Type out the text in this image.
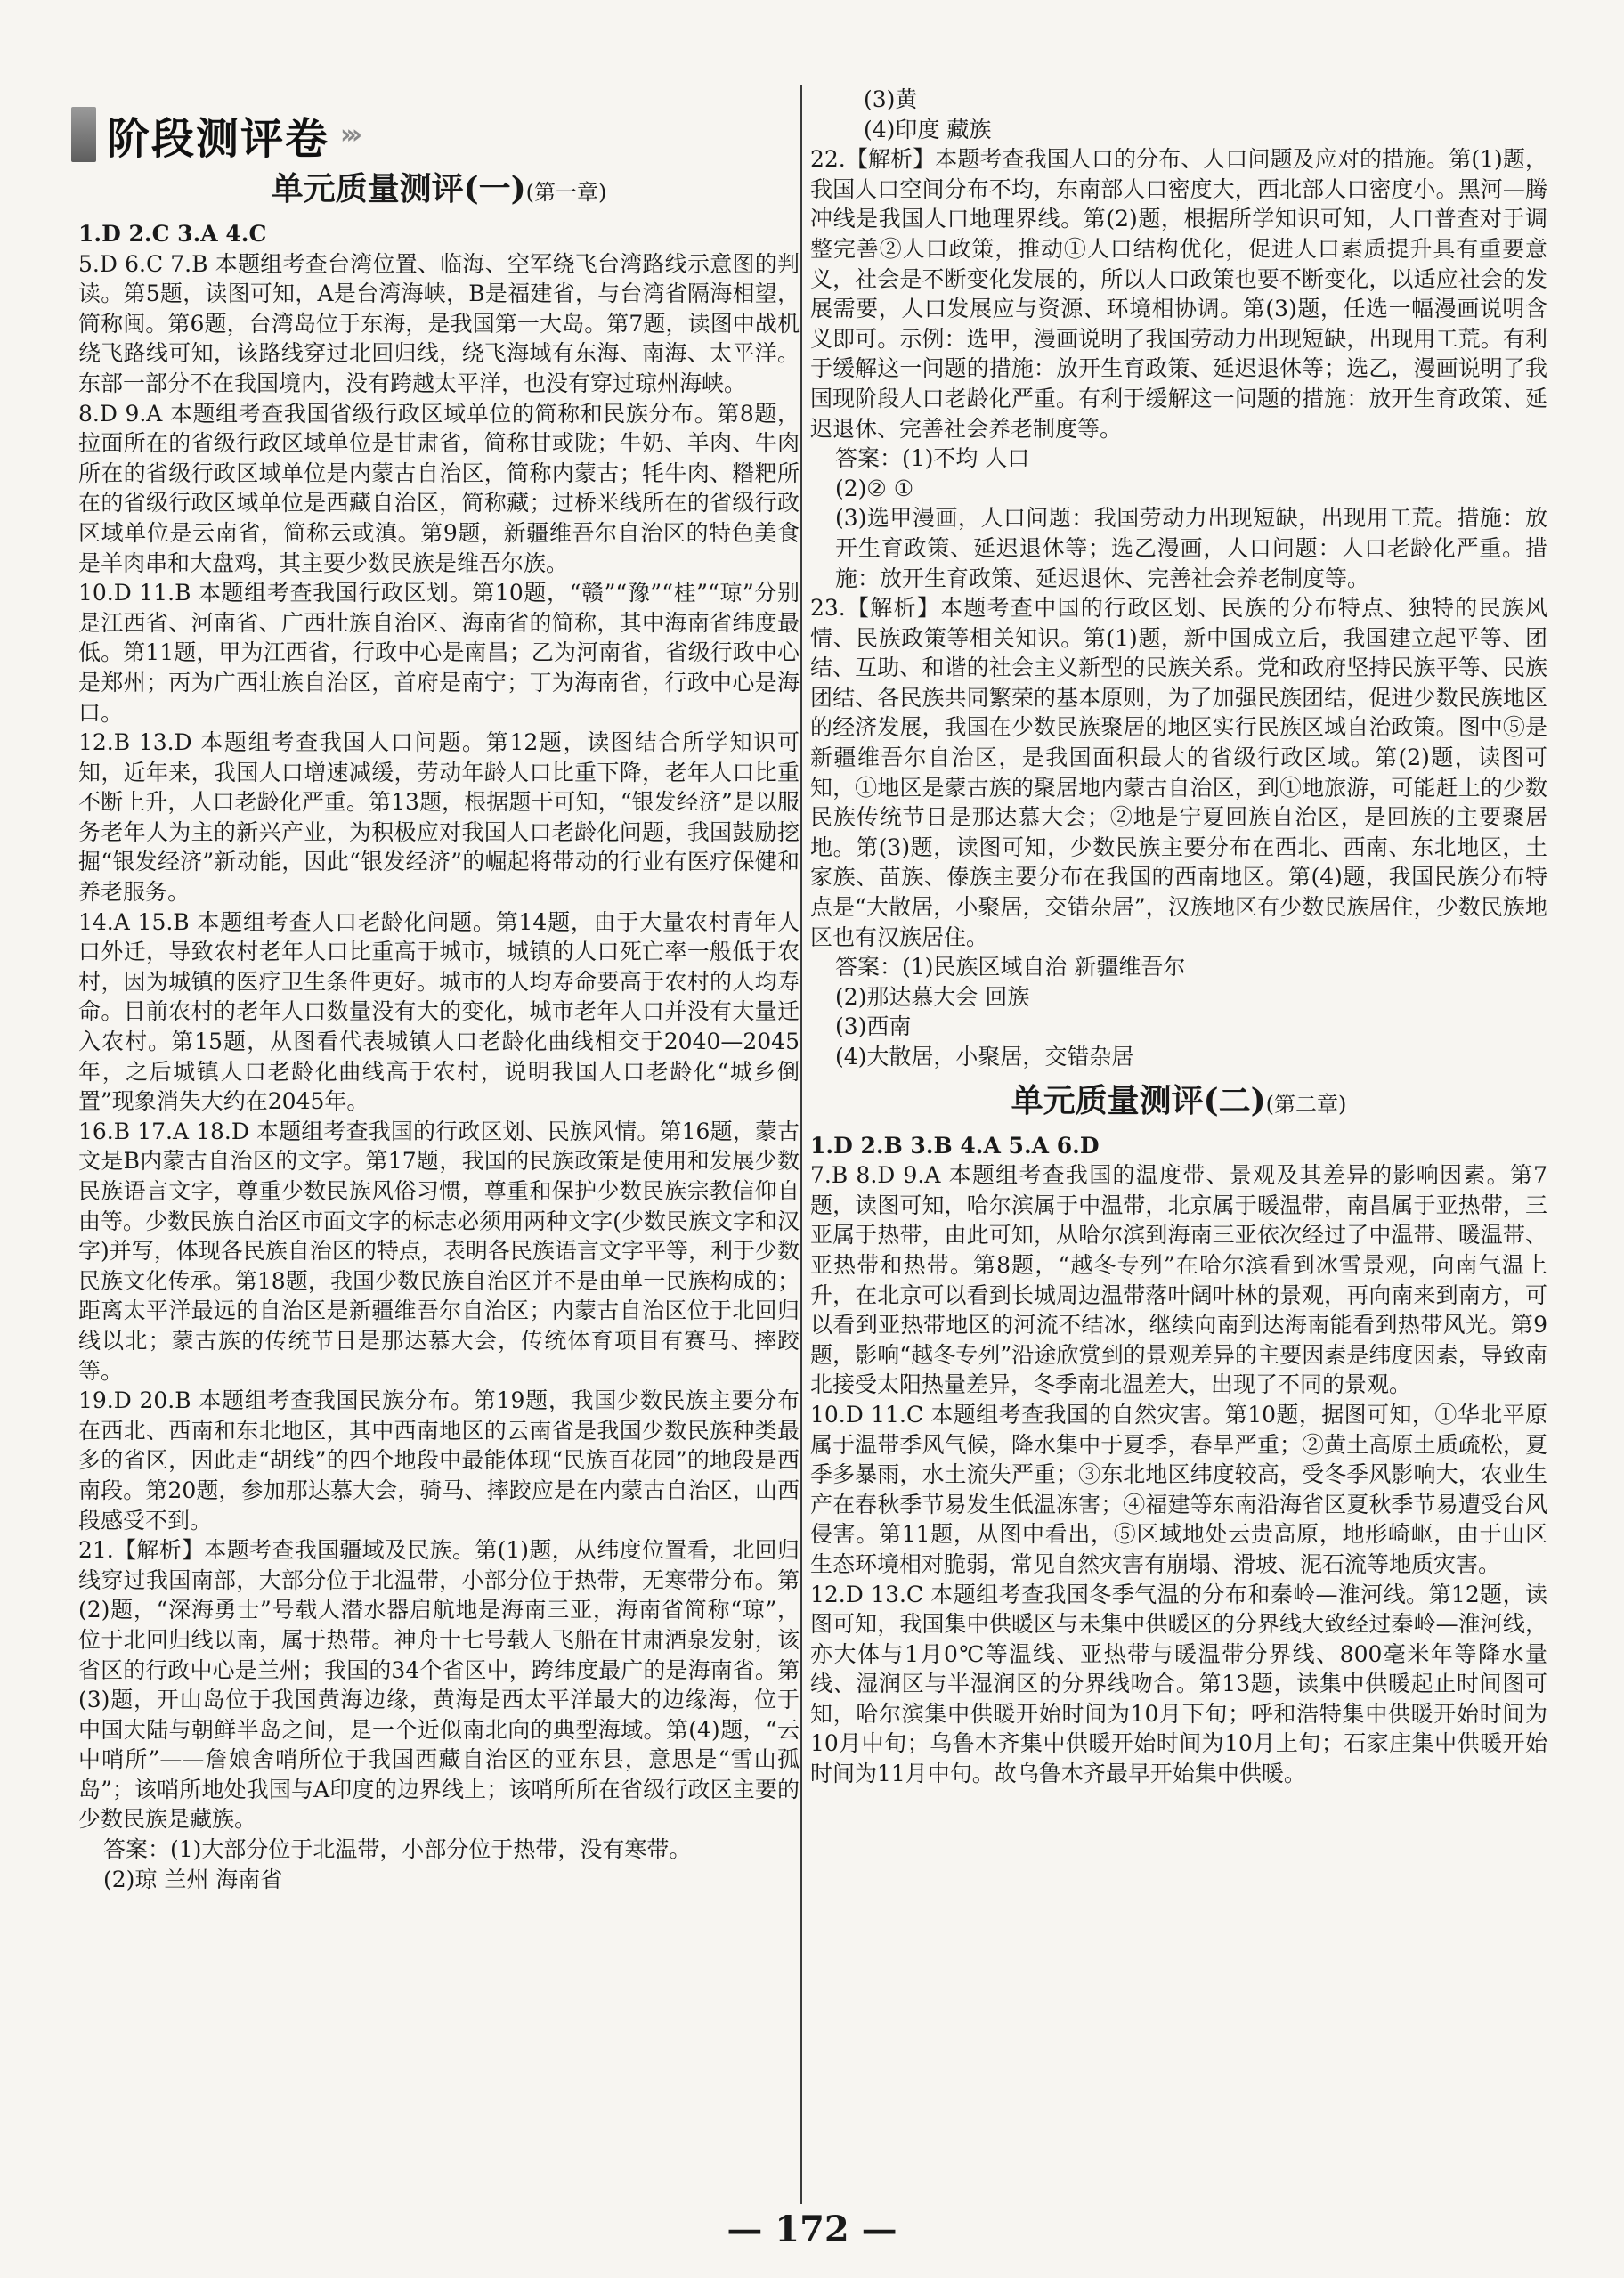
阶段测评卷 ›››
单元质量测评(一)(第一章)

1.D 2.C 3.A 4.C

5.D 6.C 7.B 本题组考查台湾位置、临海、空军绕飞台湾路线示意图的判读。第5题，读图可知，A是台湾海峡，B是福建省，与台湾省隔海相望，简称闽。第6题，台湾岛位于东海，是我国第一大岛。第7题，读图中战机绕飞路线可知，该路线穿过北回归线，绕飞海域有东海、南海、太平洋。东部一部分不在我国境内，没有跨越太平洋，也没有穿过琼州海峡。

8.D 9.A 本题组考查我国省级行政区域单位的简称和民族分布。第8题，拉面所在的省级行政区域单位是甘肃省，简称甘或陇；牛奶、羊肉、牛肉所在的省级行政区域单位是内蒙古自治区，简称内蒙古；牦牛肉、糌粑所在的省级行政区域单位是西藏自治区，简称藏；过桥米线所在的省级行政区域单位是云南省，简称云或滇。第9题，新疆维吾尔自治区的特色美食是羊肉串和大盘鸡，其主要少数民族是维吾尔族。

10.D 11.B 本题组考查我国行政区划。第10题，“赣”“豫”“桂”“琼”分别是江西省、河南省、广西壮族自治区、海南省的简称，其中海南省纬度最低。第11题，甲为江西省，行政中心是南昌；乙为河南省，省级行政中心是郑州；丙为广西壮族自治区，首府是南宁；丁为海南省，行政中心是海口。

12.B 13.D 本题组考查我国人口问题。第12题，读图结合所学知识可知，近年来，我国人口增速减缓，劳动年龄人口比重下降，老年人口比重不断上升，人口老龄化严重。第13题，根据题干可知，“银发经济”是以服务老年人为主的新兴产业，为积极应对我国人口老龄化问题，我国鼓励挖掘“银发经济”新动能，因此“银发经济”的崛起将带动的行业有医疗保健和养老服务。

14.A 15.B 本题组考查人口老龄化问题。第14题，由于大量农村青年人口外迁，导致农村老年人口比重高于城市，城镇的人口死亡率一般低于农村，因为城镇的医疗卫生条件更好。城市的人均寿命要高于农村的人均寿命。目前农村的老年人口数量没有大的变化，城市老年人口并没有大量迁入农村。第15题，从图看代表城镇人口老龄化曲线相交于2040—2045年，之后城镇人口老龄化曲线高于农村，说明我国人口老龄化“城乡倒置”现象消失大约在2045年。

16.B 17.A 18.D 本题组考查我国的行政区划、民族风情。第16题，蒙古文是B内蒙古自治区的文字。第17题，我国的民族政策是使用和发展少数民族语言文字，尊重少数民族风俗习惯，尊重和保护少数民族宗教信仰自由等。少数民族自治区市面文字的标志必须用两种文字(少数民族文字和汉字)并写，体现各民族自治区的特点，表明各民族语言文字平等，利于少数民族文化传承。第18题，我国少数民族自治区并不是由单一民族构成的；距离太平洋最远的自治区是新疆维吾尔自治区；内蒙古自治区位于北回归线以北；蒙古族的传统节日是那达慕大会，传统体育项目有赛马、摔跤等。

19.D 20.B 本题组考查我国民族分布。第19题，我国少数民族主要分布在西北、西南和东北地区，其中西南地区的云南省是我国少数民族种类最多的省区，因此走“胡线”的四个地段中最能体现“民族百花园”的地段是西南段。第20题，参加那达慕大会，骑马、摔跤应是在内蒙古自治区，山西段感受不到。

21.【解析】本题考查我国疆域及民族。第(1)题，从纬度位置看，北回归线穿过我国南部，大部分位于北温带，小部分位于热带，无寒带分布。第(2)题，“深海勇士”号载人潜水器启航地是海南三亚，海南省简称“琼”，位于北回归线以南，属于热带。神舟十七号载人飞船在甘肃酒泉发射，该省区的行政中心是兰州；我国的34个省区中，跨纬度最广的是海南省。第(3)题，开山岛位于我国黄海边缘，黄海是西太平洋最大的边缘海，位于中国大陆与朝鲜半岛之间，是一个近似南北向的典型海域。第(4)题，“云中哨所”——詹娘舍哨所位于我国西藏自治区的亚东县，意思是“雪山孤岛”；该哨所地处我国与A印度的边界线上；该哨所所在省级行政区主要的少数民族是藏族。

答案：(1)大部分位于北温带，小部分位于热带，没有寒带。

(2)琼 兰州 海南省

(3)黄

(4)印度 藏族

22.【解析】本题考查我国人口的分布、人口问题及应对的措施。第(1)题，我国人口空间分布不均，东南部人口密度大，西北部人口密度小。黑河—腾冲线是我国人口地理界线。第(2)题，根据所学知识可知，人口普查对于调整完善②人口政策，推动①人口结构优化，促进人口素质提升具有重要意义，社会是不断变化发展的，所以人口政策也要不断变化，以适应社会的发展需要，人口发展应与资源、环境相协调。第(3)题，任选一幅漫画说明含义即可。示例：选甲，漫画说明了我国劳动力出现短缺，出现用工荒。有利于缓解这一问题的措施：放开生育政策、延迟退休等；选乙，漫画说明了我国现阶段人口老龄化严重。有利于缓解这一问题的措施：放开生育政策、延迟退休、完善社会养老制度等。

答案：(1)不均 人口

(2)② ①

(3)选甲漫画，人口问题：我国劳动力出现短缺，出现用工荒。措施：放开生育政策、延迟退休等；选乙漫画，人口问题：人口老龄化严重。措施：放开生育政策、延迟退休、完善社会养老制度等。

23.【解析】本题考查中国的行政区划、民族的分布特点、独特的民族风情、民族政策等相关知识。第(1)题，新中国成立后，我国建立起平等、团结、互助、和谐的社会主义新型的民族关系。党和政府坚持民族平等、民族团结、各民族共同繁荣的基本原则，为了加强民族团结，促进少数民族地区的经济发展，我国在少数民族聚居的地区实行民族区域自治政策。图中⑤是新疆维吾尔自治区，是我国面积最大的省级行政区域。第(2)题，读图可知，①地区是蒙古族的聚居地内蒙古自治区，到①地旅游，可能赶上的少数民族传统节日是那达慕大会；②地是宁夏回族自治区，是回族的主要聚居地。第(3)题，读图可知，少数民族主要分布在西北、西南、东北地区，土家族、苗族、傣族主要分布在我国的西南地区。第(4)题，我国民族分布特点是“大散居，小聚居，交错杂居”，汉族地区有少数民族居住，少数民族地区也有汉族居住。

答案：(1)民族区域自治 新疆维吾尔

(2)那达慕大会 回族

(3)西南

(4)大散居，小聚居，交错杂居

单元质量测评(二)(第二章)

1.D 2.B 3.B 4.A 5.A 6.D

7.B 8.D 9.A 本题组考查我国的温度带、景观及其差异的影响因素。第7题，读图可知，哈尔滨属于中温带，北京属于暖温带，南昌属于亚热带，三亚属于热带，由此可知，从哈尔滨到海南三亚依次经过了中温带、暖温带、亚热带和热带。第8题，“越冬专列”在哈尔滨看到冰雪景观，向南气温上升，在北京可以看到长城周边温带落叶阔叶林的景观，再向南来到南方，可以看到亚热带地区的河流不结冰，继续向南到达海南能看到热带风光。第9题，影响“越冬专列”沿途欣赏到的景观差异的主要因素是纬度因素，导致南北接受太阳热量差异，冬季南北温差大，出现了不同的景观。

10.D 11.C 本题组考查我国的自然灾害。第10题，据图可知，①华北平原属于温带季风气候，降水集中于夏季，春旱严重；②黄土高原土质疏松，夏季多暴雨，水土流失严重；③东北地区纬度较高，受冬季风影响大，农业生产在春秋季节易发生低温冻害；④福建等东南沿海省区夏秋季节易遭受台风侵害。第11题，从图中看出，⑤区域地处云贵高原，地形崎岖，由于山区生态环境相对脆弱，常见自然灾害有崩塌、滑坡、泥石流等地质灾害。

12.D 13.C 本题组考查我国冬季气温的分布和秦岭—淮河线。第12题，读图可知，我国集中供暖区与未集中供暖区的分界线大致经过秦岭—淮河线，亦大体与1月0℃等温线、亚热带与暖温带分界线、800毫米年等降水量线、湿润区与半湿润区的分界线吻合。第13题，读集中供暖起止时间图可知，哈尔滨集中供暖开始时间为10月下旬；呼和浩特集中供暖开始时间为10月中旬；乌鲁木齐集中供暖开始时间为10月上旬；石家庄集中供暖开始时间为11月中旬。故乌鲁木齐最早开始集中供暖。

— 172 —
